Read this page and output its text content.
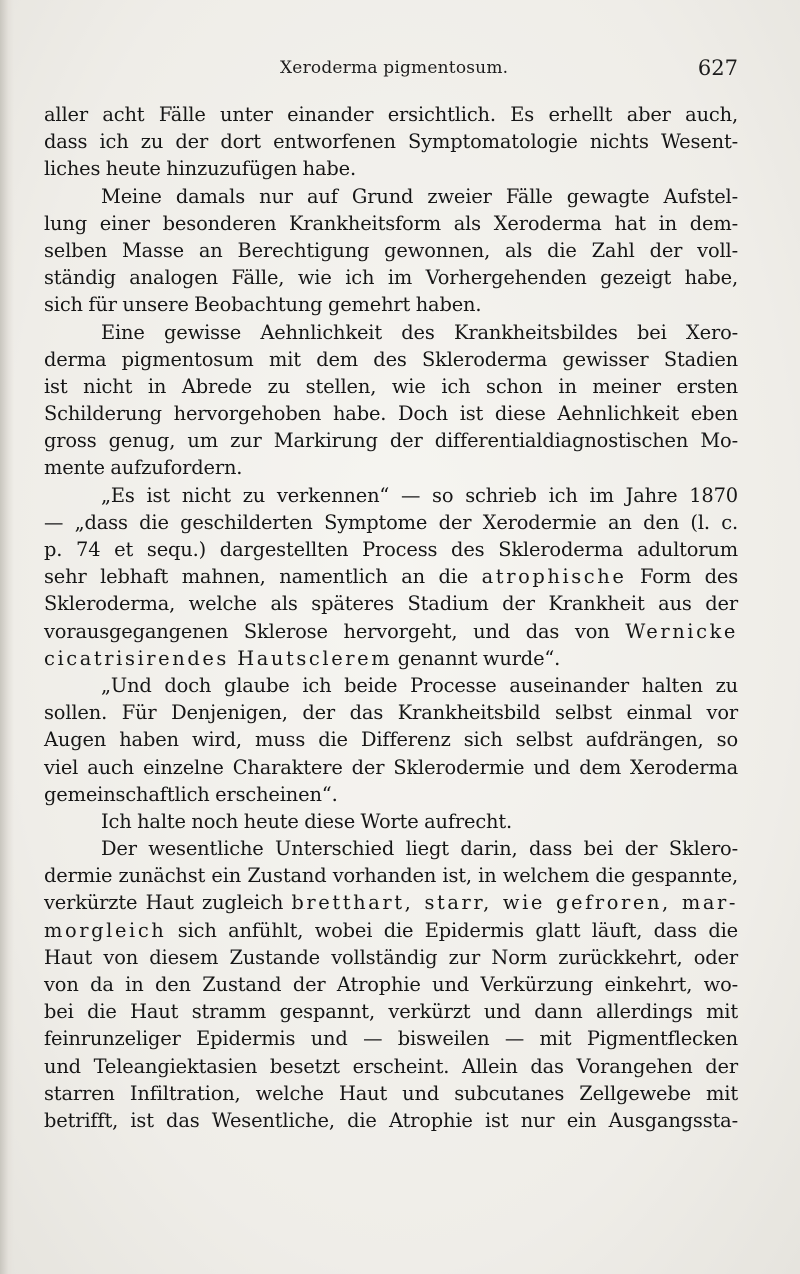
Xeroderma pigmentosum.	627
aller acht Fälle unter einander ersichtlich. Es erhellt aber auch,
dass ich zu der dort entworfenen Symptomatologie nichts Wesent-
liches heute hinzuzufügen habe.
Meine damals nur auf Grund zweier Fälle gewagte Aufstel-
lung einer besonderen Krankheitsform als Xeroderma hat in dem-
selben Masse an Berechtigung gewonnen, als die Zahl der voll-
ständig analogen Fälle, wie ich im Vorhergehenden gezeigt habe,
sich für unsere Beobachtung gemehrt haben.
Eine gewisse Aehnlichkeit des Krankheitsbildes bei Xero-
derma pigmentosum mit dem des Skleroderma gewisser Stadien
ist nicht in Abrede zu stellen, wie ich schon in meiner ersten
Schilderung hervorgehoben habe. Doch ist diese Aehnlichkeit eben
gross genug, um zur Markirung der differentialdiagnostischen Mo-
mente aufzufordern.
„Es ist nicht zu verkennen“ — so schrieb ich im Jahre 1870
— „dass die geschilderten Symptome der Xerodermie an den (l. c.
p. 74 et sequ.) dargestellten Process des Skleroderma adultorum
sehr lebhaft mahnen, namentlich an die atrophische Form des
Skleroderma, welche als späteres Stadium der Krankheit aus der
vorausgegangenen Sklerose hervorgeht, und das von Wernicke
cicatrisirendes Hautsclerem genannt wurde“.
„Und doch glaube ich beide Processe auseinander halten zu
sollen. Für Denjenigen, der das Krankheitsbild selbst einmal vor
Augen haben wird, muss die Differenz sich selbst aufdrängen, so
viel auch einzelne Charaktere der Sklerodermie und dem Xeroderma
gemeinschaftlich erscheinen“.
Ich halte noch heute diese Worte aufrecht.
Der wesentliche Unterschied liegt darin, dass bei der Sklero-
dermie zunächst ein Zustand vorhanden ist, in welchem die gespannte,
verkürzte Haut zugleich bretthart, starr, wie gefroren, mar-
morgleich sich anfühlt, wobei die Epidermis glatt läuft, dass die
Haut von diesem Zustande vollständig zur Norm zurückkehrt, oder
von da in den Zustand der Atrophie und Verkürzung einkehrt, wo-
bei die Haut stramm gespannt, verkürzt und dann allerdings mit
feinrunzeliger Epidermis und — bisweilen — mit Pigmentflecken
und Teleangiektasien besetzt erscheint. Allein das Vorangehen der
starren Infiltration, welche Haut und subcutanes Zellgewebe mit
betrifft, ist das Wesentliche, die Atrophie ist nur ein Ausgangssta-
